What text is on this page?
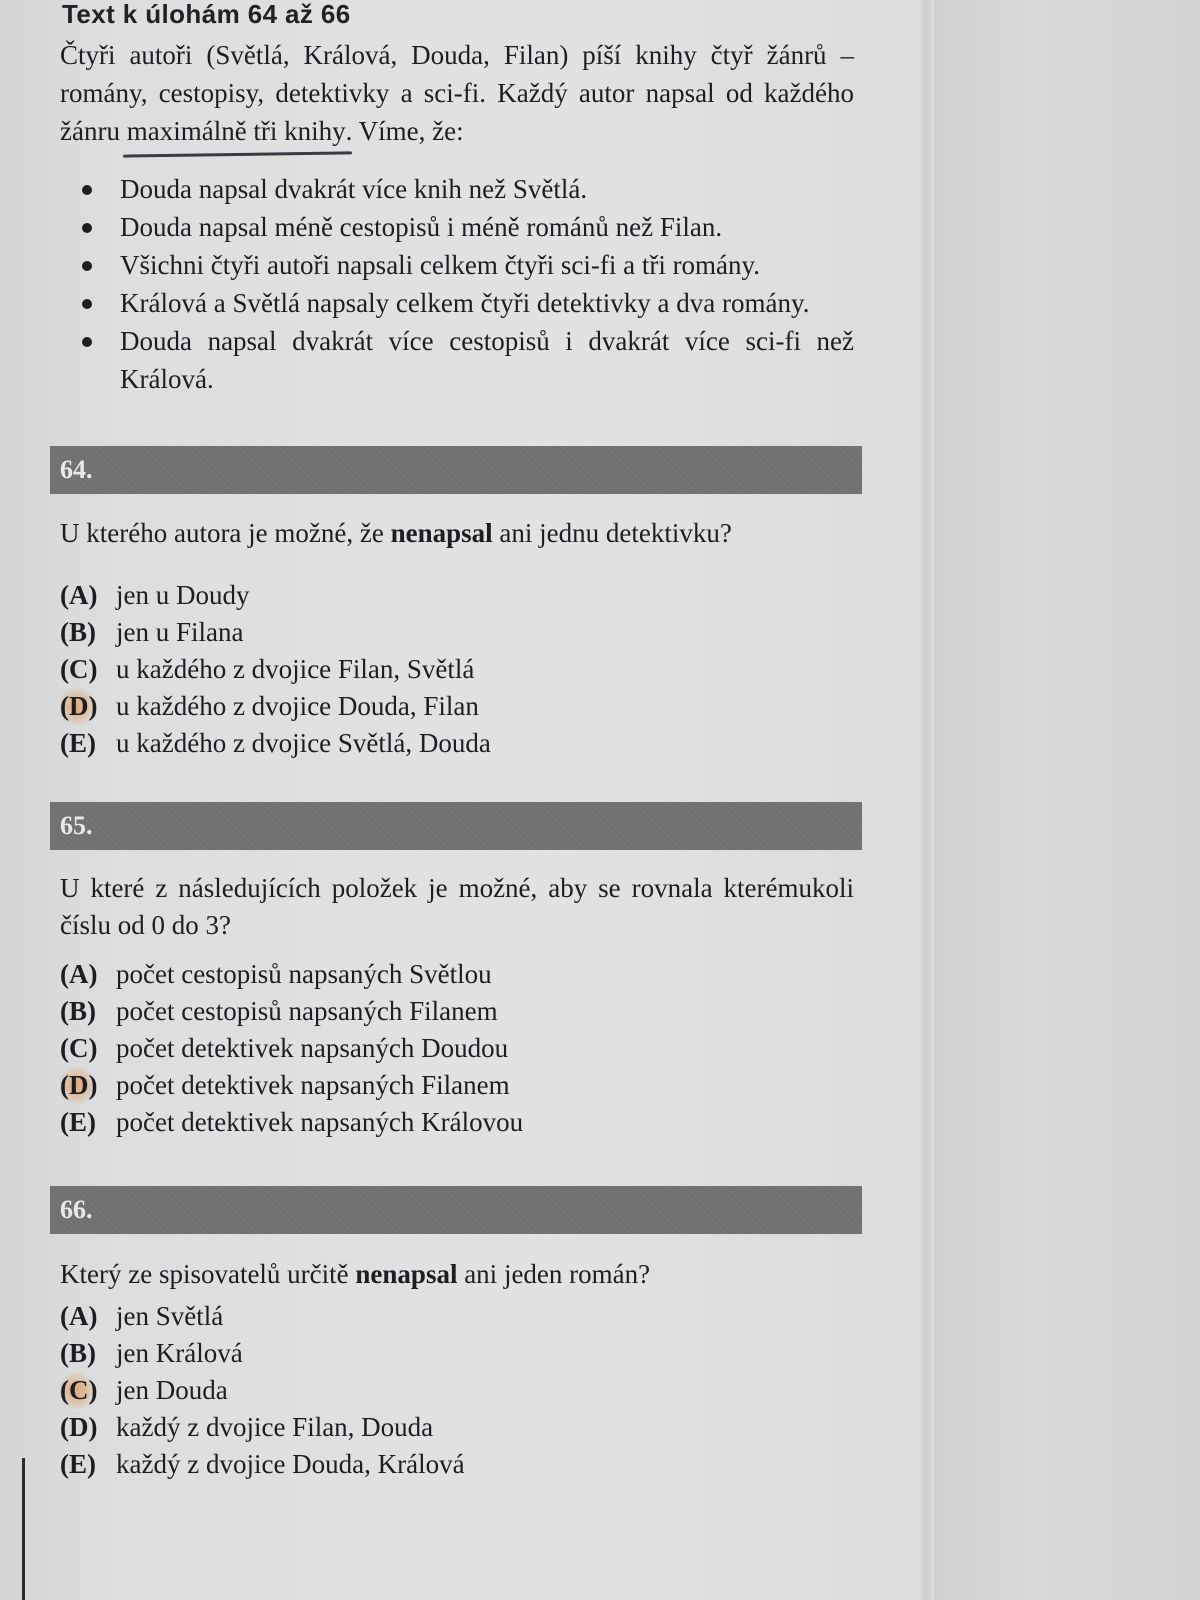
Text k úlohám 64 až 66

Čtyři autoři (Světlá, Králová, Douda, Filan) píší knihy čtyř žánrů – romány, cestopisy, detektivky a sci-fi. Každý autor napsal od každého žánru maximálně tři knihy. Víme, že:

Douda napsal dvakrát více knih než Světlá.
Douda napsal méně cestopisů i méně románů než Filan.
Všichni čtyři autoři napsali celkem čtyři sci-fi a tři romány.
Králová a Světlá napsaly celkem čtyři detektivky a dva romány.
Douda napsal dvakrát více cestopisů i dvakrát více sci-fi než Králová.
64.

U kterého autora je možné, že nenapsal ani jednu detektivku?

(A) jen u Doudy
(B) jen u Filana
(C) u každého z dvojice Filan, Světlá
(D) u každého z dvojice Douda, Filan
(E) u každého z dvojice Světlá, Douda
65.

U které z následujících položek je možné, aby se rovnala kterémukoli číslu od 0 do 3?

(A) počet cestopisů napsaných Světlou
(B) počet cestopisů napsaných Filanem
(C) počet detektivek napsaných Doudou
(D) počet detektivek napsaných Filanem
(E) počet detektivek napsaných Královou
66.

Který ze spisovatelů určitě nenapsal ani jeden román?

(A) jen Světlá
(B) jen Králová
(C) jen Douda
(D) každý z dvojice Filan, Douda
(E) každý z dvojice Douda, Králová
